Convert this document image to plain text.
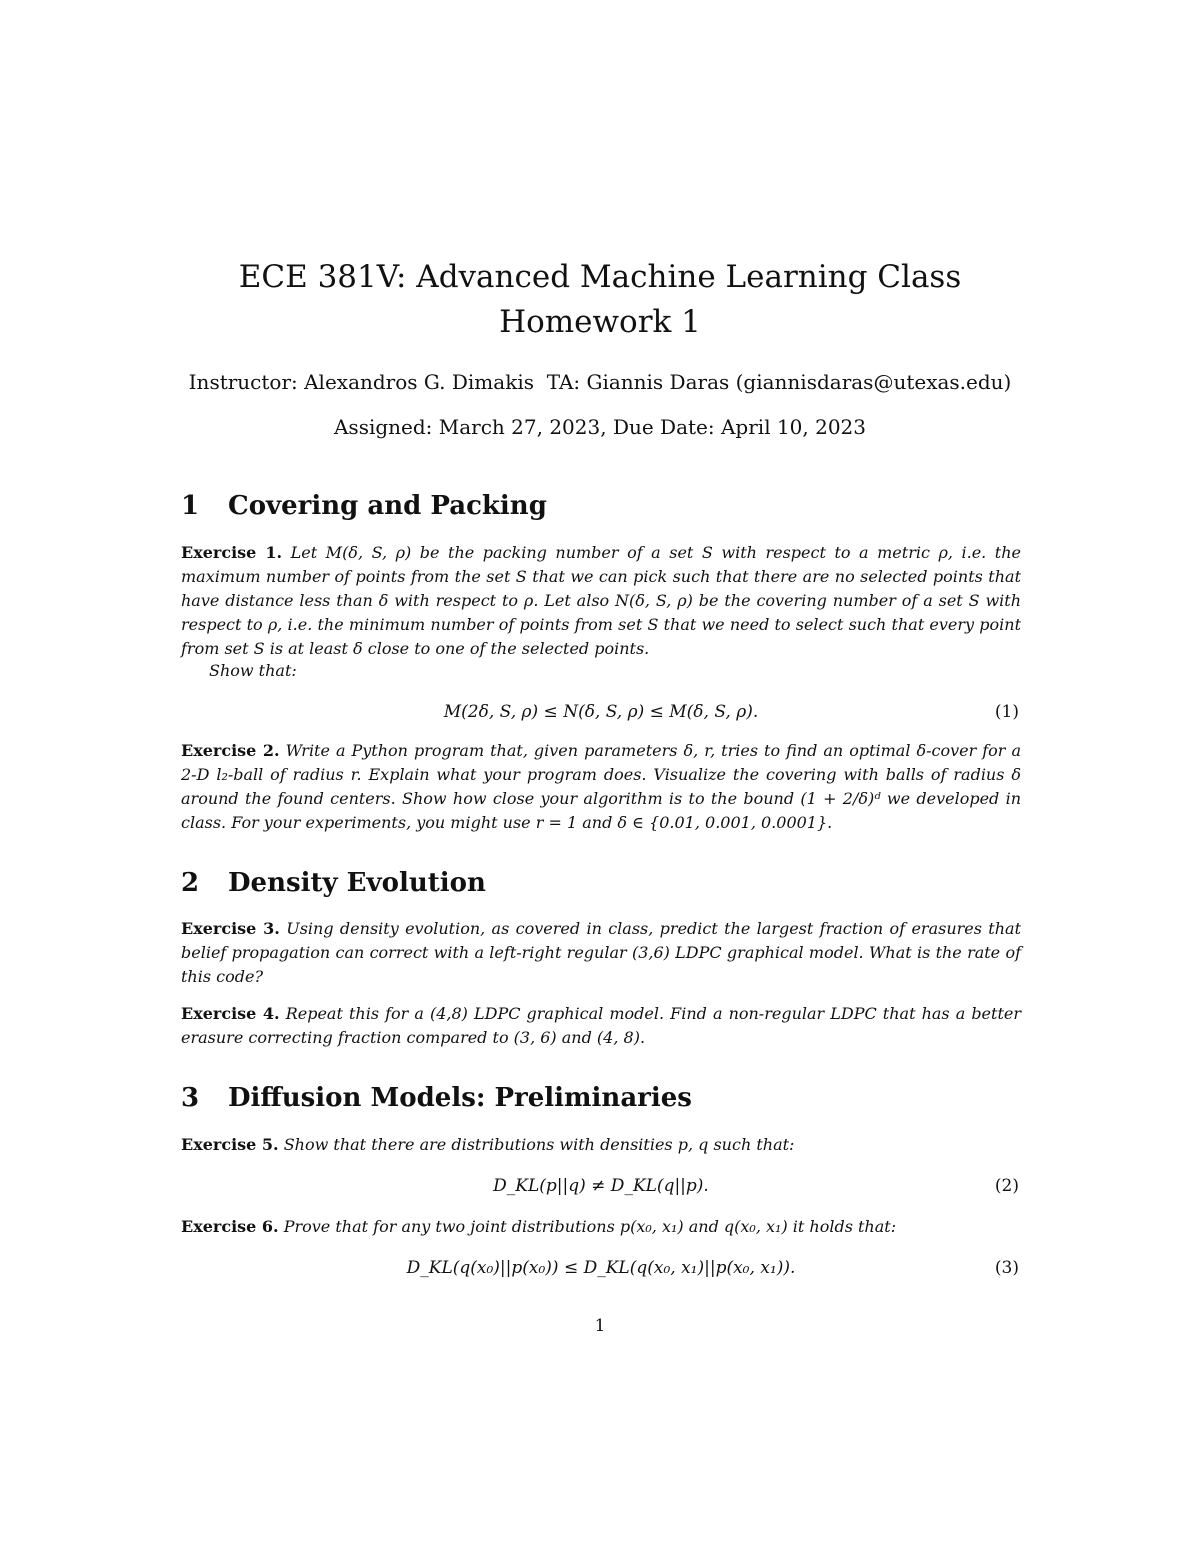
ECE 381V: Advanced Machine Learning Class
Homework 1
Instructor: Alexandros G. Dimakis  TA: Giannis Daras (giannisdaras@utexas.edu)
Assigned: March 27, 2023, Due Date: April 10, 2023
1 Covering and Packing
Exercise 1. Let M(δ, S, ρ) be the packing number of a set S with respect to a metric ρ, i.e. the maximum number of points from the set S that we can pick such that there are no selected points that have distance less than δ with respect to ρ. Let also N(δ, S, ρ) be the covering number of a set S with respect to ρ, i.e. the minimum number of points from set S that we need to select such that every point from set S is at least δ close to one of the selected points.
Show that:
M(2δ, S, ρ) ≤ N(δ, S, ρ) ≤ M(δ, S, ρ).	(1)
Exercise 2. Write a Python program that, given parameters δ, r, tries to find an optimal δ-cover for a 2-D l₂-ball of radius r. Explain what your program does. Visualize the covering with balls of radius δ around the found centers. Show how close your algorithm is to the bound (1 + 2/δ)ᵈ we developed in class. For your experiments, you might use r = 1 and δ ∈ {0.01, 0.001, 0.0001}.
2 Density Evolution
Exercise 3. Using density evolution, as covered in class, predict the largest fraction of erasures that belief propagation can correct with a left-right regular (3,6) LDPC graphical model. What is the rate of this code?
Exercise 4. Repeat this for a (4,8) LDPC graphical model. Find a non-regular LDPC that has a better erasure correcting fraction compared to (3, 6) and (4, 8).
3 Diffusion Models: Preliminaries
Exercise 5. Show that there are distributions with densities p, q such that:
D_KL(p||q) ≠ D_KL(q||p).	(2)
Exercise 6. Prove that for any two joint distributions p(x₀, x₁) and q(x₀, x₁) it holds that:
D_KL(q(x₀)||p(x₀)) ≤ D_KL(q(x₀, x₁)||p(x₀, x₁)).	(3)
1
